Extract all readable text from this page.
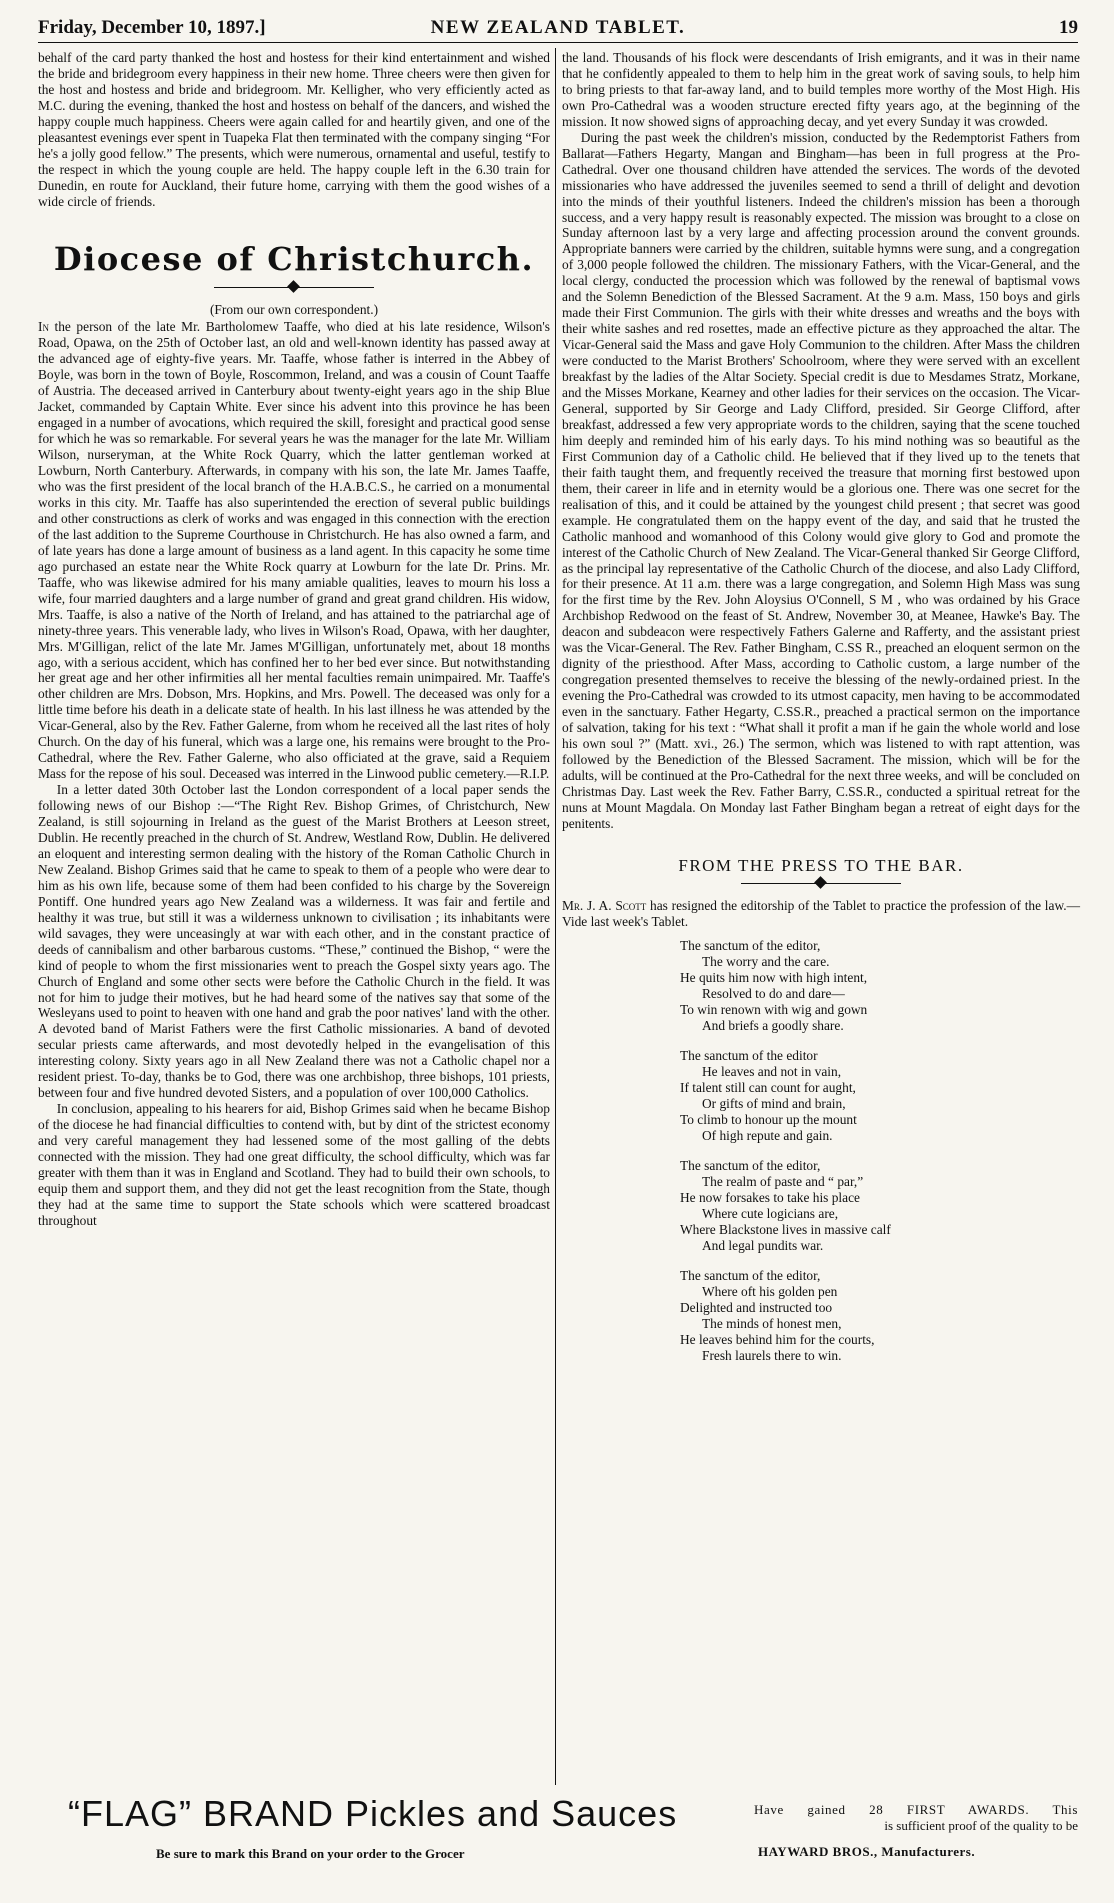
Friday, December 10, 1897.]	NEW ZEALAND TABLET.	19

behalf of the card party thanked the host and hostess for their kind entertainment and wished the bride and bridegroom every happiness in their new home. Three cheers were then given for the host and hostess and bride and bridegroom. Mr. Kelligher, who very efficiently acted as M.C. during the evening, thanked the host and hostess on behalf of the dancers, and wished the happy couple much happiness. Cheers were again called for and heartily given, and one of the pleasantest evenings ever spent in Tuapeka Flat then terminated with the company singing “For he's a jolly good fellow.” The presents, which were numerous, ornamental and useful, testify to the respect in which the young couple are held. The happy couple left in the 6.30 train for Dunedin, en route for Auckland, their future home, carrying with them the good wishes of a wide circle of friends.

Diocese of Christchurch.

(From our own correspondent.)

In the person of the late Mr. Bartholomew Taaffe, who died at his late residence, Wilson's Road, Opawa, on the 25th of October last, an old and well-known identity has passed away at the advanced age of eighty-five years. Mr. Taaffe, whose father is interred in the Abbey of Boyle, was born in the town of Boyle, Roscommon, Ireland, and was a cousin of Count Taaffe of Austria. The deceased arrived in Canterbury about twenty-eight years ago in the ship Blue Jacket, commanded by Captain White. Ever since his advent into this province he has been engaged in a number of avocations, which required the skill, foresight and practical good sense for which he was so remarkable. For several years he was the manager for the late Mr. William Wilson, nurseryman, at the White Rock Quarry, which the latter gentleman worked at Lowburn, North Canterbury. Afterwards, in company with his son, the late Mr. James Taaffe, who was the first president of the local branch of the H.A.B.C.S., he carried on a monumental works in this city. Mr. Taaffe has also superintended the erection of several public buildings and other constructions as clerk of works and was engaged in this connection with the erection of the last addition to the Supreme Courthouse in Christchurch. He has also owned a farm, and of late years has done a large amount of business as a land agent. In this capacity he some time ago purchased an estate near the White Rock quarry at Lowburn for the late Dr. Prins. Mr. Taaffe, who was likewise admired for his many amiable qualities, leaves to mourn his loss a wife, four married daughters and a large number of grand and great grand children. His widow, Mrs. Taaffe, is also a native of the North of Ireland, and has attained to the patriarchal age of ninety-three years. This venerable lady, who lives in Wilson's Road, Opawa, with her daughter, Mrs. M'Gilligan, relict of the late Mr. James M'Gilligan, unfortunately met, about 18 months ago, with a serious accident, which has confined her to her bed ever since. But notwithstanding her great age and her other infirmities all her mental faculties remain unimpaired. Mr. Taaffe's other children are Mrs. Dobson, Mrs. Hopkins, and Mrs. Powell. The deceased was only for a little time before his death in a delicate state of health. In his last illness he was attended by the Vicar-General, also by the Rev. Father Galerne, from whom he received all the last rites of holy Church. On the day of his funeral, which was a large one, his remains were brought to the Pro-Cathedral, where the Rev. Father Galerne, who also officiated at the grave, said a Requiem Mass for the repose of his soul. Deceased was interred in the Linwood public cemetery.—R.I.P.

In a letter dated 30th October last the London correspondent of a local paper sends the following news of our Bishop :—“The Right Rev. Bishop Grimes, of Christchurch, New Zealand, is still sojourning in Ireland as the guest of the Marist Brothers at Leeson street, Dublin. He recently preached in the church of St. Andrew, Westland Row, Dublin. He delivered an eloquent and interesting sermon dealing with the history of the Roman Catholic Church in New Zealand. Bishop Grimes said that he came to speak to them of a people who were dear to him as his own life, because some of them had been confided to his charge by the Sovereign Pontiff. One hundred years ago New Zealand was a wilderness. It was fair and fertile and healthy it was true, but still it was a wilderness unknown to civilisation ; its inhabitants were wild savages, they were unceasingly at war with each other, and in the constant practice of deeds of cannibalism and other barbarous customs. “These,” continued the Bishop, “ were the kind of people to whom the first missionaries went to preach the Gospel sixty years ago. The Church of England and some other sects were before the Catholic Church in the field. It was not for him to judge their motives, but he had heard some of the natives say that some of the Wesleyans used to point to heaven with one hand and grab the poor natives' land with the other. A devoted band of Marist Fathers were the first Catholic missionaries. A band of devoted secular priests came afterwards, and most devotedly helped in the evangelisation of this interesting colony. Sixty years ago in all New Zealand there was not a Catholic chapel nor a resident priest. To-day, thanks be to God, there was one archbishop, three bishops, 101 priests, between four and five hundred devoted Sisters, and a population of over 100,000 Catholics.

In conclusion, appealing to his hearers for aid, Bishop Grimes said when he became Bishop of the diocese he had financial difficulties to contend with, but by dint of the strictest economy and very careful management they had lessened some of the most galling of the debts connected with the mission. They had one great difficulty, the school difficulty, which was far greater with them than it was in England and Scotland. They had to build their own schools, to equip them and support them, and they did not get the least recognition from the State, though they had at the same time to support the State schools which were scattered broadcast throughout

the land. Thousands of his flock were descendants of Irish emigrants, and it was in their name that he confidently appealed to them to help him in the great work of saving souls, to help him to bring priests to that far-away land, and to build temples more worthy of the Most High. His own Pro-Cathedral was a wooden structure erected fifty years ago, at the beginning of the mission. It now showed signs of approaching decay, and yet every Sunday it was crowded.

During the past week the children's mission, conducted by the Redemptorist Fathers from Ballarat—Fathers Hegarty, Mangan and Bingham—has been in full progress at the Pro-Cathedral. Over one thousand children have attended the services. The words of the devoted missionaries who have addressed the juveniles seemed to send a thrill of delight and devotion into the minds of their youthful listeners. Indeed the children's mission has been a thorough success, and a very happy result is reasonably expected. The mission was brought to a close on Sunday afternoon last by a very large and affecting procession around the convent grounds. Appropriate banners were carried by the children, suitable hymns were sung, and a congregation of 3,000 people followed the children. The missionary Fathers, with the Vicar-General, and the local clergy, conducted the procession which was followed by the renewal of baptismal vows and the Solemn Benediction of the Blessed Sacrament. At the 9 a.m. Mass, 150 boys and girls made their First Communion. The girls with their white dresses and wreaths and the boys with their white sashes and red rosettes, made an effective picture as they approached the altar. The Vicar-General said the Mass and gave Holy Communion to the children. After Mass the children were conducted to the Marist Brothers' Schoolroom, where they were served with an excellent breakfast by the ladies of the Altar Society. Special credit is due to Mesdames Stratz, Morkane, and the Misses Morkane, Kearney and other ladies for their services on the occasion. The Vicar-General, supported by Sir George and Lady Clifford, presided. Sir George Clifford, after breakfast, addressed a few very appropriate words to the children, saying that the scene touched him deeply and reminded him of his early days. To his mind nothing was so beautiful as the First Communion day of a Catholic child. He believed that if they lived up to the tenets that their faith taught them, and frequently received the treasure that morning first bestowed upon them, their career in life and in eternity would be a glorious one. There was one secret for the realisation of this, and it could be attained by the youngest child present ; that secret was good example. He congratulated them on the happy event of the day, and said that he trusted the Catholic manhood and womanhood of this Colony would give glory to God and promote the interest of the Catholic Church of New Zealand. The Vicar-General thanked Sir George Clifford, as the principal lay representative of the Catholic Church of the diocese, and also Lady Clifford, for their presence. At 11 a.m. there was a large congregation, and Solemn High Mass was sung for the first time by the Rev. John Aloysius O'Connell, S M , who was ordained by his Grace Archbishop Redwood on the feast of St. Andrew, November 30, at Meanee, Hawke's Bay. The deacon and subdeacon were respectively Fathers Galerne and Rafferty, and the assistant priest was the Vicar-General. The Rev. Father Bingham, C.SS R., preached an eloquent sermon on the dignity of the priesthood. After Mass, according to Catholic custom, a large number of the congregation presented themselves to receive the blessing of the newly-ordained priest. In the evening the Pro-Cathedral was crowded to its utmost capacity, men having to be accommodated even in the sanctuary. Father Hegarty, C.SS.R., preached a practical sermon on the importance of salvation, taking for his text : “What shall it profit a man if he gain the whole world and lose his own soul ?” (Matt. xvi., 26.) The sermon, which was listened to with rapt attention, was followed by the Benediction of the Blessed Sacrament. The mission, which will be for the adults, will be continued at the Pro-Cathedral for the next three weeks, and will be concluded on Christmas Day. Last week the Rev. Father Barry, C.SS.R., conducted a spiritual retreat for the nuns at Mount Magdala. On Monday last Father Bingham began a retreat of eight days for the penitents.

FROM THE PRESS TO THE BAR.

Mr. J. A. Scott has resigned the editorship of the Tablet to practice the profession of the law.—Vide last week's Tablet.

The sanctum of the editor,
The worry and the care.
He quits him now with high intent,
Resolved to do and dare—
To win renown with wig and gown
And briefs a goodly share.
The sanctum of the editor
He leaves and not in vain,
If talent still can count for aught,
Or gifts of mind and brain,
To climb to honour up the mount
Of high repute and gain.
The sanctum of the editor,
The realm of paste and “ par,”
He now forsakes to take his place
Where cute logicians are,
Where Blackstone lives in massive calf
And legal pundits war.
The sanctum of the editor,
Where oft his golden pen
Delighted and instructed too
The minds of honest men,
He leaves behind him for the courts,
Fresh laurels there to win.
“FLAG” BRAND Pickles and Sauces
Be sure to mark this Brand on your order to the Grocer
Have gained 28 FIRST AWARDS. This
is sufficient proof of the quality to be
HAYWARD BROS., Manufacturers.
